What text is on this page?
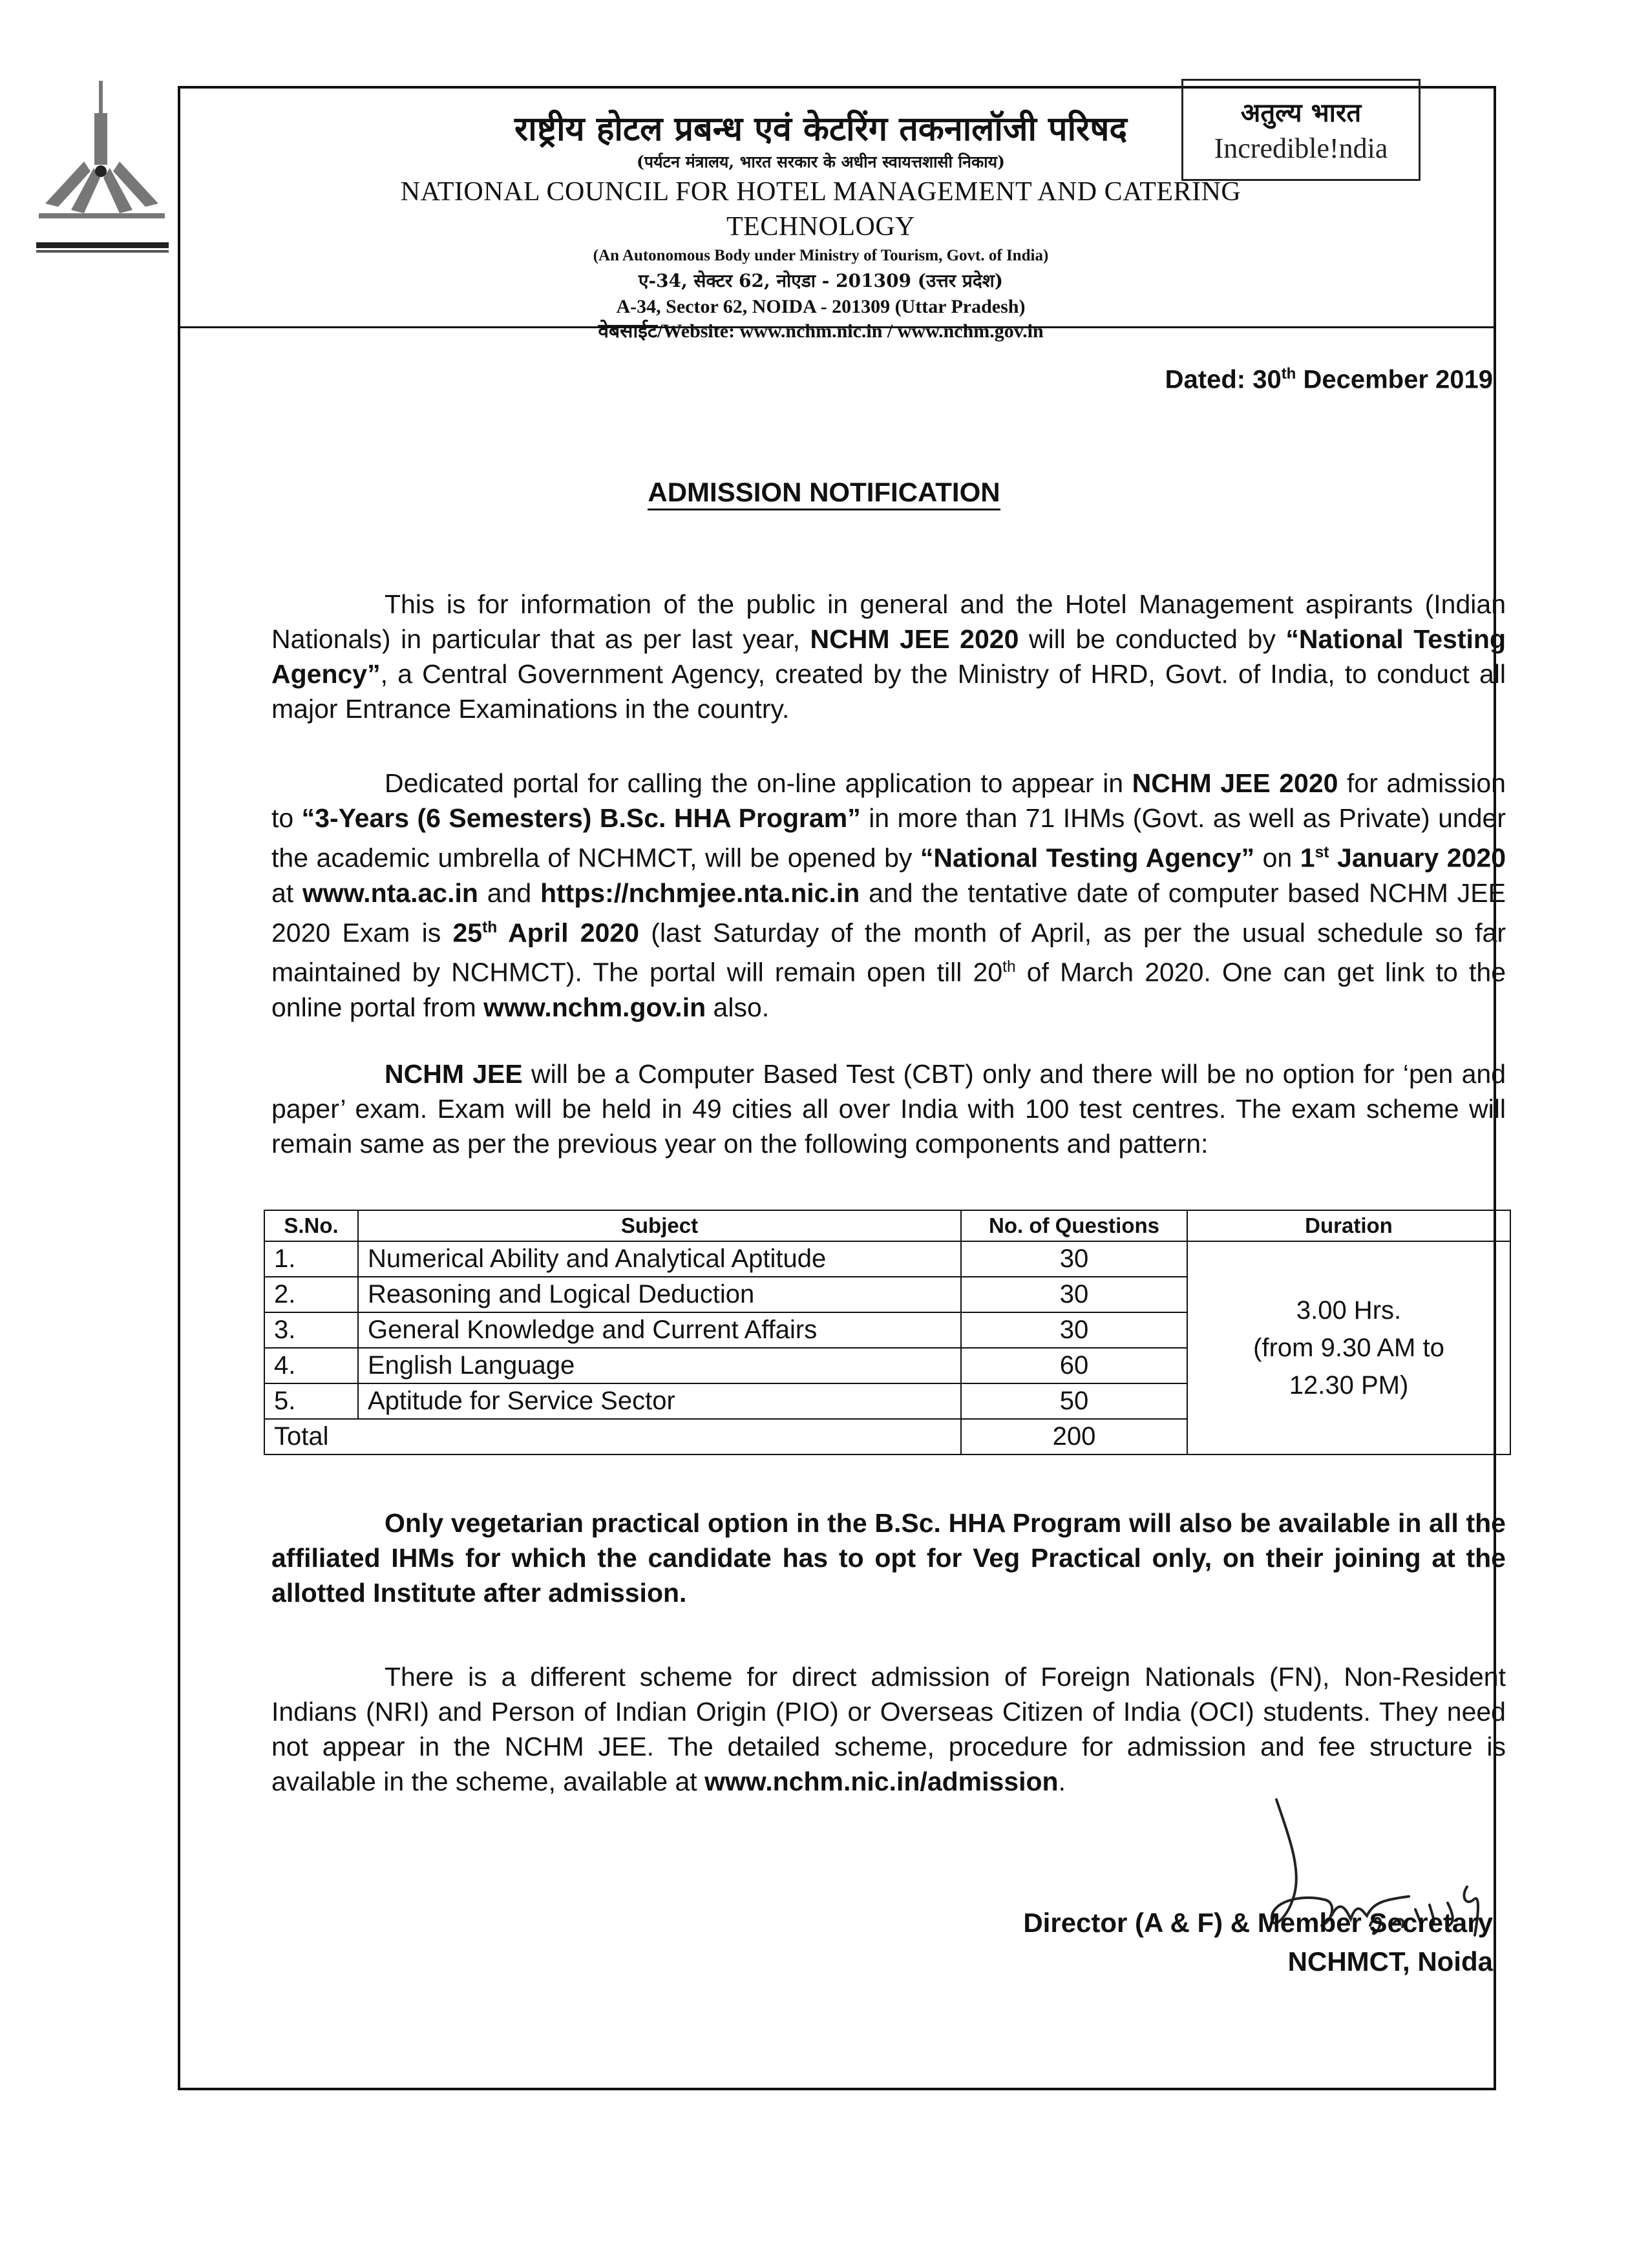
राष्ट्रीय होटल प्रबन्ध एवं केटरिंग तकनालॉजी परिषद
(पर्यटन मंत्रालय, भारत सरकार के अधीन स्वायत्तशासी निकाय)
NATIONAL COUNCIL FOR HOTEL MANAGEMENT AND CATERING TECHNOLOGY
(An Autonomous Body under Ministry of Tourism, Govt. of India)
ए-34, सेक्टर 62, नोएडा - 201309 (उत्तर प्रदेश)
A-34, Sector 62, NOIDA - 201309 (Uttar Pradesh)
वेबसाईट/Website: www.nchm.nic.in / www.nchm.gov.in
अतुल्य भारत
Incredible!ndia
Dated: 30th December 2019
ADMISSION NOTIFICATION
This is for information of the public in general and the Hotel Management aspirants (Indian Nationals) in particular that as per last year, NCHM JEE 2020 will be conducted by “National Testing Agency”, a Central Government Agency, created by the Ministry of HRD, Govt. of India, to conduct all major Entrance Examinations in the country.
Dedicated portal for calling the on-line application to appear in NCHM JEE 2020 for admission to “3-Years (6 Semesters) B.Sc. HHA Program” in more than 71 IHMs (Govt. as well as Private) under the academic umbrella of NCHMCT, will be opened by “National Testing Agency” on 1st January 2020 at www.nta.ac.in and https://nchmjee.nta.nic.in and the tentative date of computer based NCHM JEE 2020 Exam is 25th April 2020 (last Saturday of the month of April, as per the usual schedule so far maintained by NCHMCT). The portal will remain open till 20th of March 2020. One can get link to the online portal from www.nchm.gov.in also.
NCHM JEE will be a Computer Based Test (CBT) only and there will be no option for ‘pen and paper’ exam. Exam will be held in 49 cities all over India with 100 test centres. The exam scheme will remain same as per the previous year on the following components and pattern:
S.No.	Subject	No. of Questions	Duration
1.	Numerical Ability and Analytical Aptitude	30	3.00 Hrs.
(from 9.30 AM to
12.30 PM)

2.	Reasoning and Logical Deduction	30	
3.	General Knowledge and Current Affairs	30	
4.	English Language	60	
5.	Aptitude for Service Sector	50	
Total		200	
Only vegetarian practical option in the B.Sc. HHA Program will also be available in all the affiliated IHMs for which the candidate has to opt for Veg Practical only, on their joining at the allotted Institute after admission.
There is a different scheme for direct admission of Foreign Nationals (FN), Non-Resident Indians (NRI) and Person of Indian Origin (PIO) or Overseas Citizen of India (OCI) students. They need not appear in the NCHM JEE. The detailed scheme, procedure for admission and fee structure is available in the scheme, available at www.nchm.nic.in/admission.
Director (A & F) & Member Secretary
NCHMCT, Noida
